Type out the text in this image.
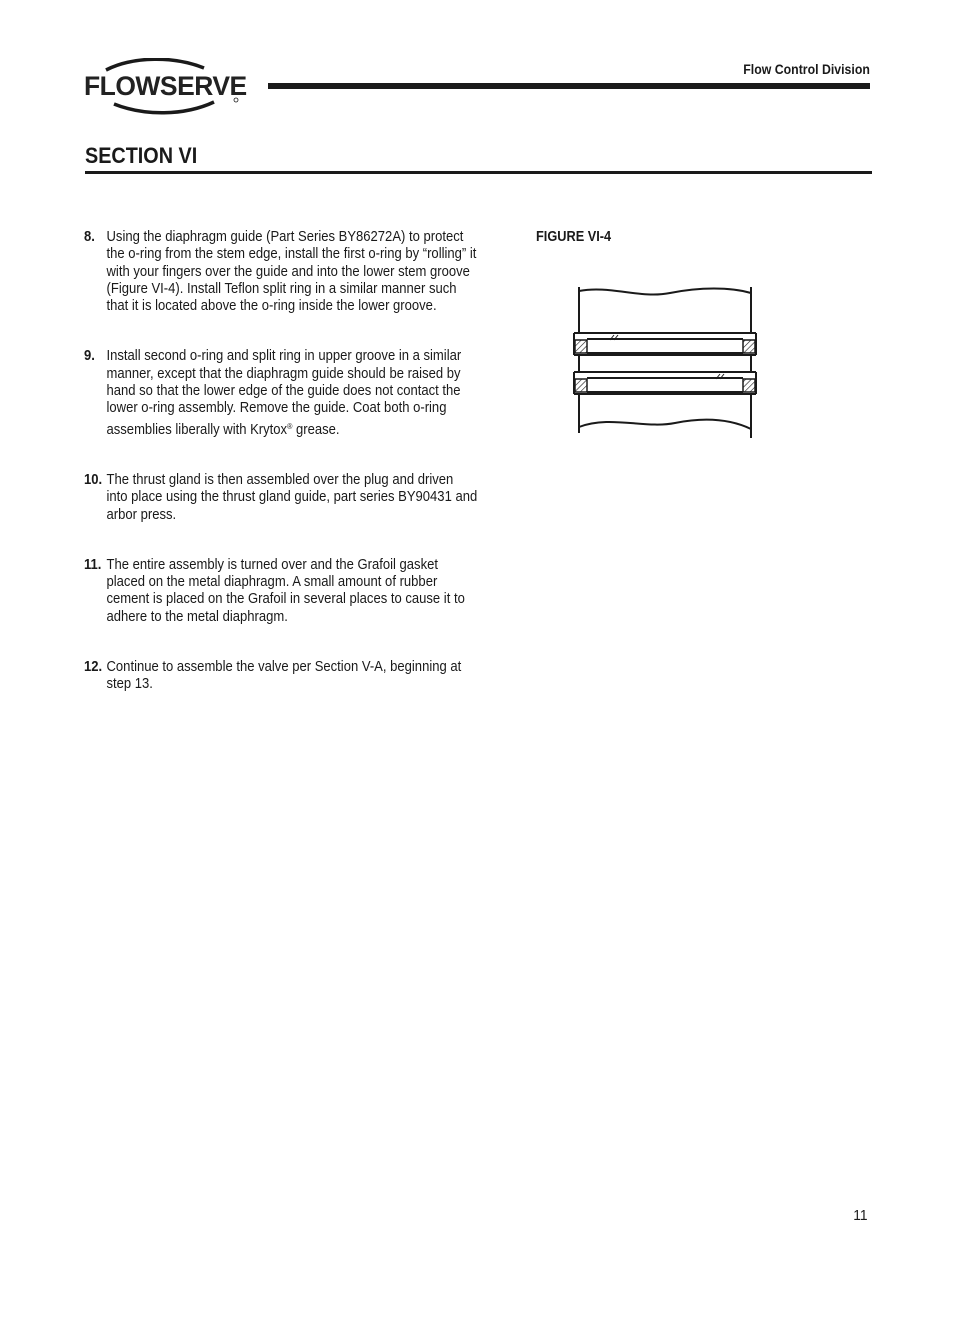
FLOWSERVE
Flow Control Division
SECTION VI
8. Using the diaphragm guide (Part Series BY86272A) to protect the o-ring from the stem edge, install the first o-ring by “rolling” it with your fingers over the guide and into the lower stem groove (Figure VI-4). Install Teflon split ring in a similar manner such that it is located above the o-ring inside the lower groove.
9. Install second o-ring and split ring in upper groove in a similar manner, except that the diaphragm guide should be raised by hand so that the lower edge of the guide does not contact the lower o-ring assembly. Remove the guide. Coat both o-ring assemblies liberally with Krytox® grease.
10. The thrust gland is then assembled over the plug and driven into place using the thrust gland guide, part series BY90431 and arbor press.
11. The entire assembly is turned over and the Grafoil gasket placed on the metal diaphragm. A small amount of rubber cement is placed on the Grafoil in several places to cause it to adhere to the metal diaphragm.
12. Continue to assemble the valve per Section V-A, beginning at step 13.
FIGURE VI-4
11
